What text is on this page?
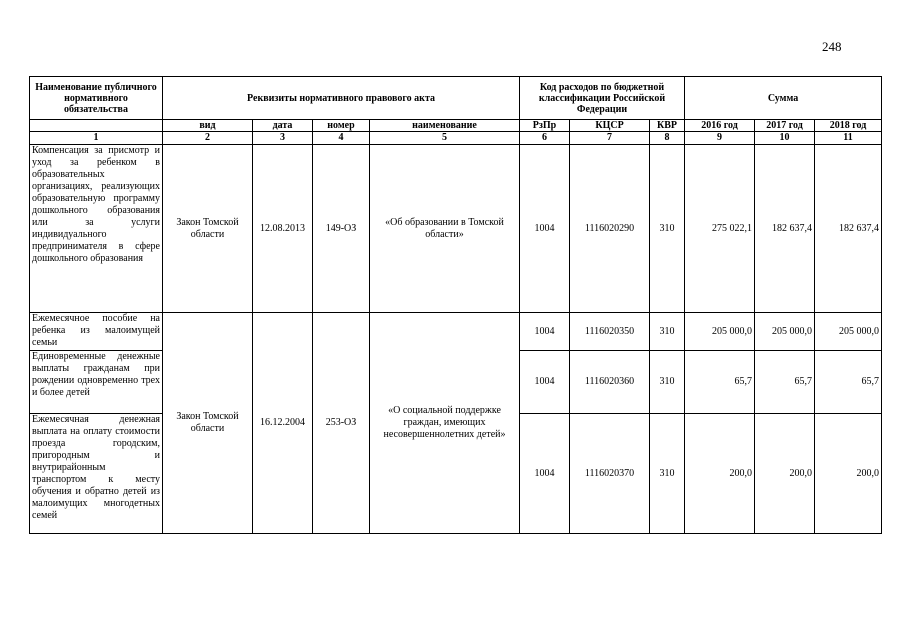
248
Наименование публичного нормативного обязательства	Реквизиты нормативного правового акта				Код расходов по бюджетной классификации Российской Федерации			Сумма		
	вид	дата	номер	наименование	РзПр	КЦСР	КВР	2016 год	2017 год	2018 год
1	2	3	4	5	6	7	8	9	10	11
Компенсация за присмотр и уход за ребенком в образовательных организациях, реализующих образовательную программу дошкольного образования или за услуги индивидуального предпринимателя в сфере дошкольного образования	Закон Томской области	12.08.2013	149-ОЗ	«Об образовании в Томской области»	1004	1116020290	310	275 022,1	182 637,4	182 637,4
Ежемесячное пособие на ребенка из малоимущей семьи	Закон Томской области	16.12.2004	253-ОЗ	«О социальной поддержке граждан, имеющих несовершеннолетних детей»	1004	1116020350	310	205 000,0	205 000,0	205 000,0
Единовременные денежные выплаты гражданам при рождении одновременно трех и более детей					1004	1116020360	310	65,7	65,7	65,7
Ежемесячная денежная выплата на оплату стоимости проезда городским, пригородным и внутрирайонным транспортом к месту обучения и обратно детей из малоимущих многодетных семей					1004	1116020370	310	200,0	200,0	200,0
